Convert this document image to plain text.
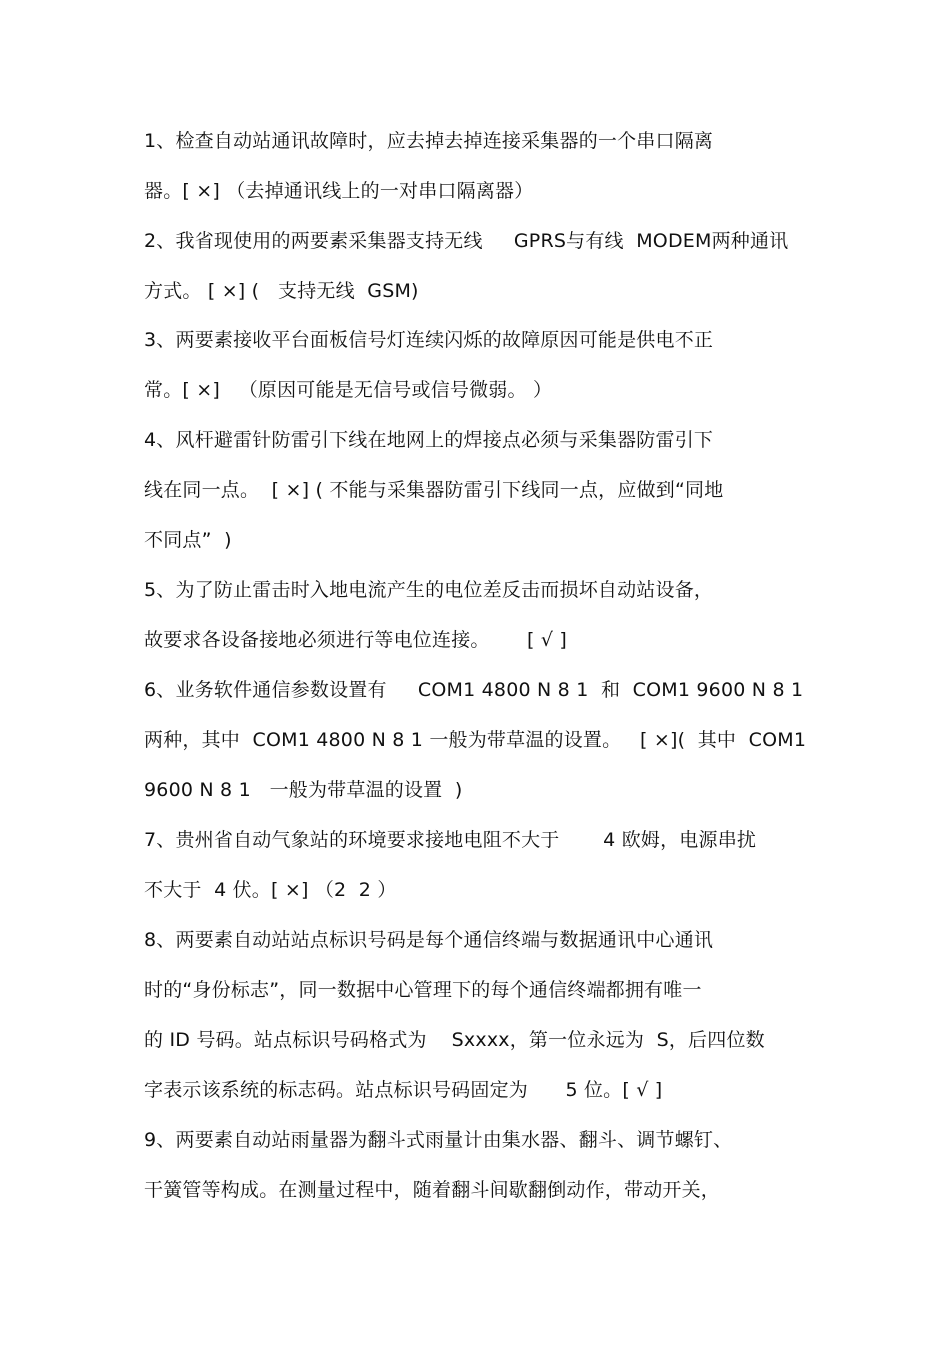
1、检查自动站通讯故障时，应去掉去掉连接采集器的一个串口隔离
器。[ ×] （去掉通讯线上的一对串口隔离器）
2、我省现使用的两要素采集器支持无线     GPRS与有线  MODEM两种通讯
方式。 [ ×] (   支持无线  GSM)
3、两要素接收平台面板信号灯连续闪烁的故障原因可能是供电不正
常。[ ×]   （原因可能是无信号或信号微弱。 ）
4、风杆避雷针防雷引下线在地网上的焊接点必须与采集器防雷引下
线在同一点。  [ ×] ( 不能与采集器防雷引下线同一点，应做到“同地
不同点”  )
5、为了防止雷击时入地电流产生的电位差反击而损坏自动站设备，
故要求各设备接地必须进行等电位连接。      [ √ ]
6、业务软件通信参数设置有     COM1 4800 N 8 1  和  COM1 9600 N 8 1
两种，其中  COM1 4800 N 8 1 一般为带草温的设置。   [ ×](  其中  COM1
9600 N 8 1   一般为带草温的设置  )
7、贵州省自动气象站的环境要求接地电阻不大于       4 欧姆，电源串扰
不大于  4 伏。[ ×] （2  2 ）
8、两要素自动站站点标识号码是每个通信终端与数据通讯中心通讯
时的“身份标志”，同一数据中心管理下的每个通信终端都拥有唯一
的 ID 号码。站点标识号码格式为    Sxxxx，第一位永远为  S，后四位数
字表示该系统的标志码。站点标识号码固定为      5 位。[ √ ]
9、两要素自动站雨量器为翻斗式雨量计由集水器、翻斗、调节螺钉、
干簧管等构成。在测量过程中，随着翻斗间歇翻倒动作，带动开关，
